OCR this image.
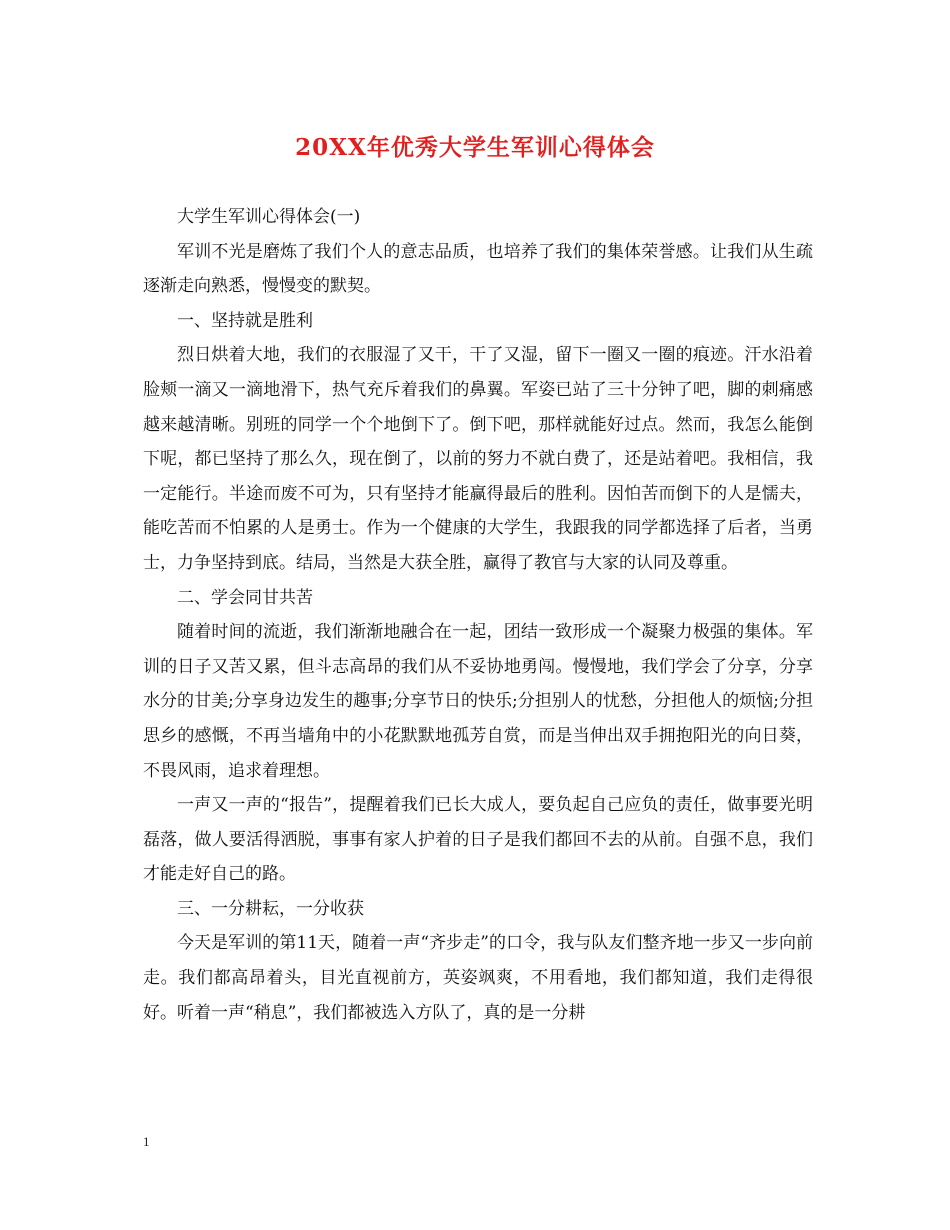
20XX年优秀大学生军训心得体会

大学生军训心得体会(一)

军训不光是磨炼了我们个人的意志品质，也培养了我们的集体荣誉感。让我们从生疏逐渐走向熟悉，慢慢变的默契。

一、坚持就是胜利

烈日烘着大地，我们的衣服湿了又干，干了又湿，留下一圈又一圈的痕迹。汗水沿着脸颊一滴又一滴地滑下，热气充斥着我们的鼻翼。军姿已站了三十分钟了吧，脚的刺痛感越来越清晰。别班的同学一个个地倒下了。倒下吧，那样就能好过点。然而，我怎么能倒下呢，都已坚持了那么久，现在倒了，以前的努力不就白费了，还是站着吧。我相信，我一定能行。半途而废不可为，只有坚持才能赢得最后的胜利。因怕苦而倒下的人是懦夫，能吃苦而不怕累的人是勇士。作为一个健康的大学生，我跟我的同学都选择了后者，当勇士，力争坚持到底。结局，当然是大获全胜，赢得了教官与大家的认同及尊重。

二、学会同甘共苦

随着时间的流逝，我们渐渐地融合在一起，团结一致形成一个凝聚力极强的集体。军训的日子又苦又累，但斗志高昂的我们从不妥协地勇闯。慢慢地，我们学会了分享，分享水分的甘美;分享身边发生的趣事;分享节日的快乐;分担别人的忧愁，分担他人的烦恼;分担思乡的感慨，不再当墙角中的小花默默地孤芳自赏，而是当伸出双手拥抱阳光的向日葵，不畏风雨，追求着理想。

一声又一声的“报告”，提醒着我们已长大成人，要负起自己应负的责任，做事要光明磊落，做人要活得洒脱，事事有家人护着的日子是我们都回不去的从前。自强不息，我们才能走好自己的路。

三、一分耕耘，一分收获

今天是军训的第11天，随着一声“齐步走”的口令，我与队友们整齐地一步又一步向前走。我们都高昂着头，目光直视前方，英姿飒爽，不用看地，我们都知道，我们走得很好。听着一声“稍息”，我们都被选入方队了，真的是一分耕

1
